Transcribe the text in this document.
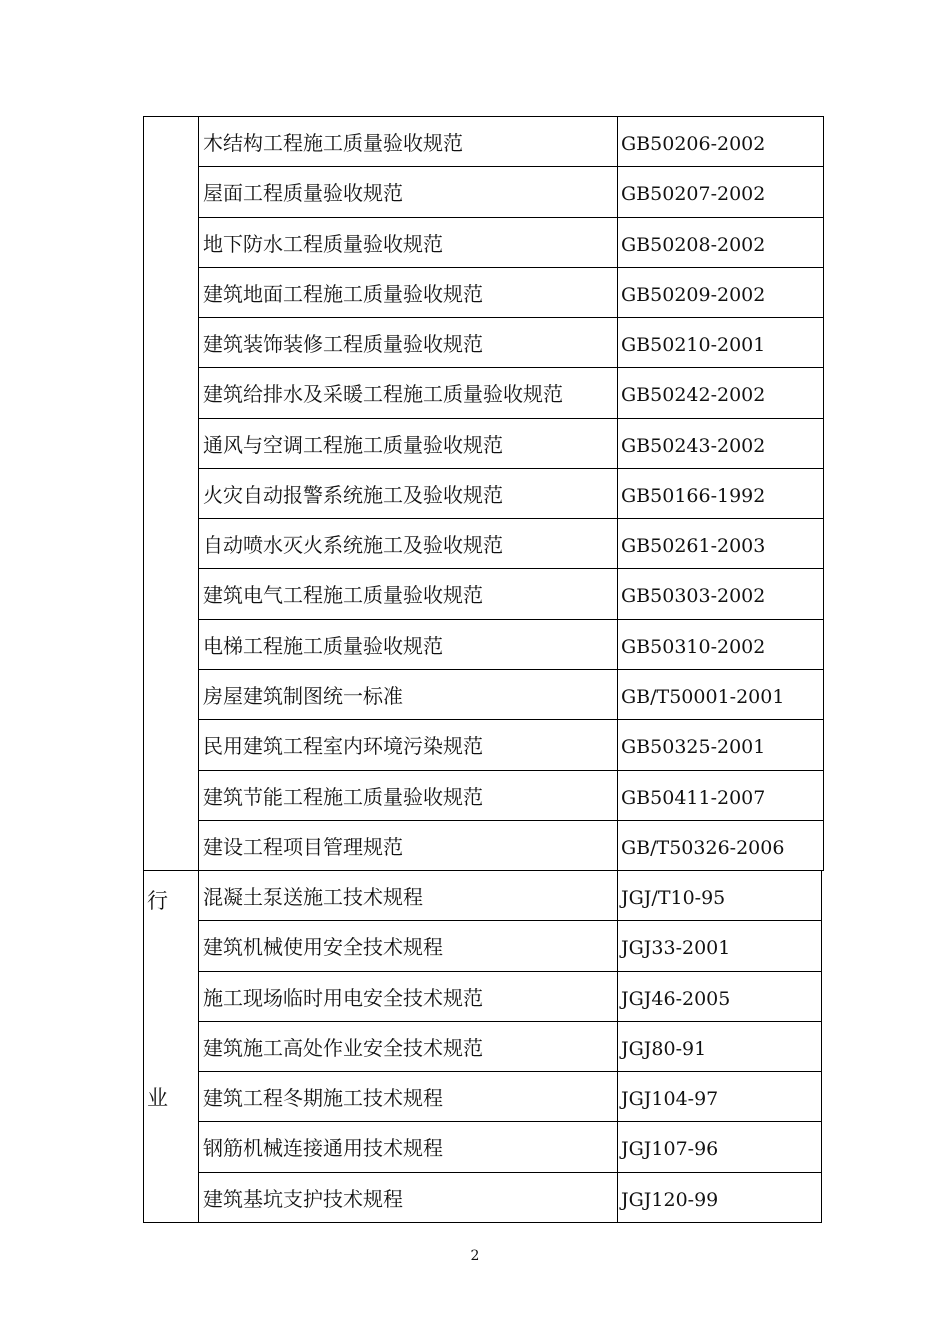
行
业
2
木结构工程施工质量验收规范	GB50206-2002
屋面工程质量验收规范	GB50207-2002
地下防水工程质量验收规范	GB50208-2002
建筑地面工程施工质量验收规范	GB50209-2002
建筑装饰装修工程质量验收规范	GB50210-2001
建筑给排水及采暖工程施工质量验收规范	GB50242-2002
通风与空调工程施工质量验收规范	GB50243-2002
火灾自动报警系统施工及验收规范	GB50166-1992
自动喷水灭火系统施工及验收规范	GB50261-2003
建筑电气工程施工质量验收规范	GB50303-2002
电梯工程施工质量验收规范	GB50310-2002
房屋建筑制图统一标准	GB/T50001-2001
民用建筑工程室内环境污染规范	GB50325-2001
建筑节能工程施工质量验收规范	GB50411-2007
建设工程项目管理规范	GB/T50326-2006
混凝土泵送施工技术规程	JGJ/T10-95
建筑机械使用安全技术规程	JGJ33-2001
施工现场临时用电安全技术规范	JGJ46-2005
建筑施工高处作业安全技术规范	JGJ80-91
建筑工程冬期施工技术规程	JGJ104-97
钢筋机械连接通用技术规程	JGJ107-96
建筑基坑支护技术规程	JGJ120-99
